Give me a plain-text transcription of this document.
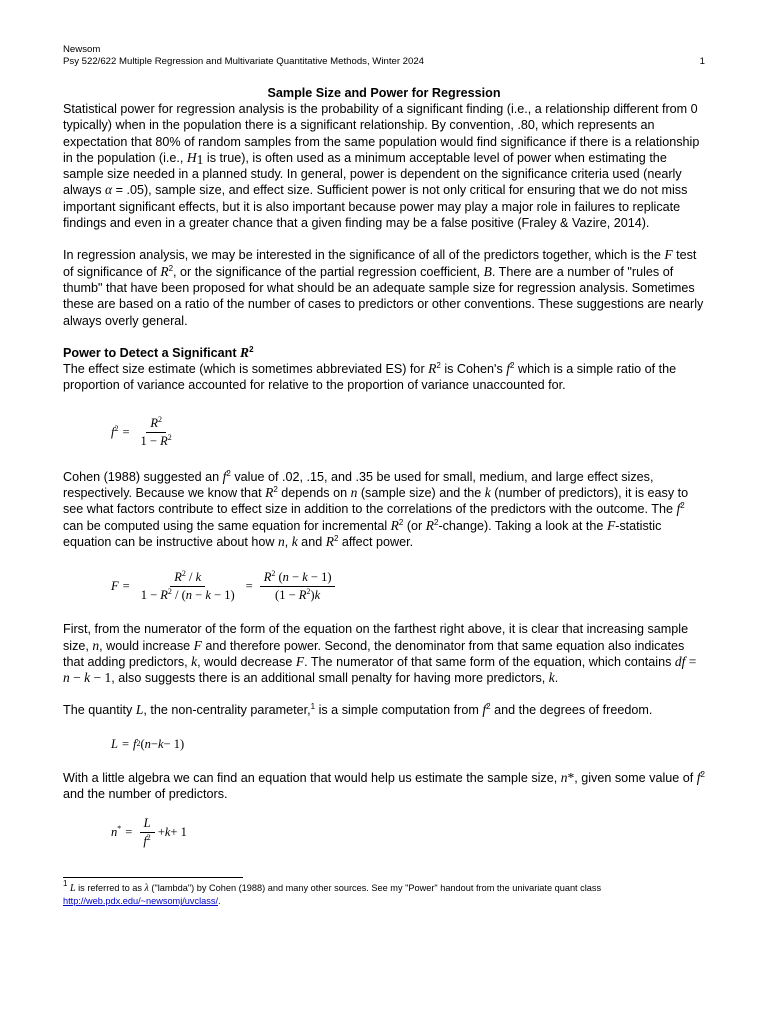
Newsom
Psy 522/622 Multiple Regression and Multivariate Quantitative Methods, Winter 2024	1
Sample Size and Power for Regression

Statistical power for regression analysis is the probability of a significant finding (i.e., a relationship different from 0 typically) when in the population there is a significant relationship. By convention, .80, which represents an expectation that 80% of random samples from the same population would find significance if there is a relationship in the population (i.e., $H_1$ is true), is often used as a minimum acceptable level of power when estimating the sample size needed in a planned study. In general, power is dependent on the significance criteria used (nearly always α = .05), sample size, and effect size. Sufficient power is not only critical for ensuring that we do not miss important significant effects, but it is also important because power may play a major role in failures to replicate findings and even in a greater chance that a given finding may be a false positive (Fraley & Vazire, 2014).

In regression analysis, we may be interested in the significance of all of the predictors together, which is the F test of significance of $R^2$, or the significance of the partial regression coefficient, B. There are a number of "rules of thumb" that have been proposed for what should be an adequate sample size for regression analysis. Sometimes these are based on a ratio of the number of cases to predictors or other conventions. These suggestions are nearly always overly general.

Power to Detect a Significant $R^2$

The effect size estimate (which is sometimes abbreviated ES) for $R^2$ is Cohen's $f^2$ which is a simple ratio of the proportion of variance accounted for relative to the proportion of variance unaccounted for.

$f^2 = \frac{R^2}{1 - R^2}$

Cohen (1988) suggested an $f^2$ value of .02, .15, and .35 be used for small, medium, and large effect sizes, respectively. Because we know that $R^2$ depends on n (sample size) and the k (number of predictors), it is easy to see what factors contribute to effect size in addition to the correlations of the predictors with the outcome. The $f^2$ can be computed using the same equation for incremental $R^2$ (or $R^2-change$). Taking a look at the F-statistic equation can be instructive about how n, k and $R^2$ affect power.

$F = \frac{R^2 / k}{1 - R^2 / (n - k - 1)} = \frac{R^2 (n - k - 1)}{(1 - R^2)k}$

First, from the numerator of the form of the equation on the farthest right above, it is clear that increasing sample size, n, would increase F and therefore power. Second, the denominator from that same equation also indicates that adding predictors, k, would decrease F. The numerator of that same form of the equation, which contains df = n − k − 1, also suggests there is an additional small penalty for having more predictors, k.

The quantity L, the non-centrality parameter,$^1$ is a simple computation from $f^2$ and the degrees of freedom.

L = f 2 ( n − k − 1)

With a little algebra we can find an equation that would help us estimate the sample size, n*, given some value of $f^2$ and the number of predictors.

$n^* = \frac{L}{f^2} + k + 1$
$^1$ L is referred to as λ ("lambda") by Cohen (1988) and many other sources. See my "Power" handout from the univariate quant class
http://web.pdx.edu/~newsomj/uvclass/.
